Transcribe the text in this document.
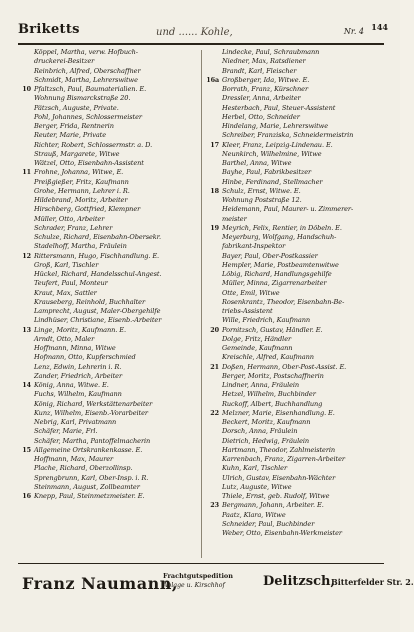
Briketts	und ...... Kohle,	Nr. 4 144
Köppel, Martha, verw. Hofbuch-
druckerei-Besitzer
Reinbrich, Alfred, Oberschaffner
Schmidt, Martha, Lehrerswitwe
10 Pfaltzsch, Paul, Baumaterialien. E.
Wohnung Bismarckstraße 20.
Pätzsch, Auguste, Private.
Pohl, Johannes, Schlossermeister
Berger, Frida, Rentnerin
Reuter, Marie, Private
Richter, Robert, Schlossermstr. a. D.
Strauß, Margarete, Witwe
Wätzel, Otto, Eisenbahn-Assistent
11 Frohne, Johanna, Witwe, E.
Preißgießer, Fritz, Kaufmann
Grohe, Hermann, Lehrer i. R.
Hildebrand, Moritz, Arbeiter
Hirschberg, Gottfried, Klempner
Müller, Otto, Arbeiter
Schrader, Franz, Lehrer
Schulze, Richard, Eisenbahn-Obersekr.
Stadelhoff, Martha, Fräulein
12 Rittersmann, Hugo, Fischhandlung. E.
Groß, Karl, Tischler
Hückel, Richard, Handelsschul-Angest.
Teufert, Paul, Monteur
Kraut, Max, Sattler
Krauseberg, Reinhold, Buchhalter
Lamprecht, August, Maler-Obergehilfe
Lindhüser, Christiane, Eisenb.-Arbeiter
13 Linge, Moritz, Kaufmann. E.
Arndt, Otto, Maler
Hoffmann, Minna, Witwe
Hofmann, Otto, Kupferschmied
Lenz, Edwin, Lehrerin i. R.
Zander, Friedrich, Arbeiter
14 König, Anna, Witwe. E.
Fuchs, Wilhelm, Kaufmann
König, Richard, Werkstättenarbeiter
Kunz, Wilhelm, Eisenb.-Vorarbeiter
Nebrig, Karl, Privatmann
Schäfer, Marie, Frl.
Schäfer, Martha, Pantoffelmacherin
15 Allgemeine Ortskrankenkasse. E.
Hoffmann, Max, Maurer
Plache, Richard, Oberzollinsp.
Sprengbrunn, Karl, Ober-Insp. i. R.
Steinmann, August, Zollbeamter
16 Knepp, Paul, Steinmetzmeister. E.
Lindecke, Paul, Schraubmann
Niedner, Max, Ratsdiener
Brandt, Karl, Fleischer
16a Großberger, Ida, Witwe. E.
Borrath, Franz, Kürschner
Dressler, Anna, Arbeiter
Hesterbach, Paul, Steuer-Assistent
Herbel, Otto, Schneider
Hindelang, Marie, Lehrerswitwe
Schreiber, Franziska, Schneidermeistrin
17 Kleer, Franz, Leipzig-Lindenau. E.
Neunkirch, Wilhelmine, Witwe
Barthel, Anna, Witwe
Bayhe, Paul, Fabrikbesitzer
Hinbe, Ferdinand, Stellmacher
18 Schulz, Ernst, Witwe. E.
Wohnung Poststraße 12.
Heidemann, Paul, Maurer- u. Zimmerer-
meister
19 Meyrich, Felix, Rentier, in Döbeln. E.
Meyerburg, Wolfgang, Handschuh-
fabrikant-Inspektor
Bayer, Paul, Ober-Postkassier
Hempler, Marie, Postbeamtenwitwe
Löbig, Richard, Handlungsgehilfe
Müller, Minna, Zigarrenarbeiter
Otte, Emil, Witwe
Rosenkrantz, Theodor, Eisenbahn-Be-
triebs-Assistent
Wille, Friedrich, Kaufmann
20 Pornitzsch, Gustav, Händler. E.
Dolge, Fritz, Händler
Gemeinde, Kaufmann
Kreischle, Alfred, Kaufmann
21 Doßen, Hermann, Ober-Post-Assist. E.
Berger, Moritz, Postschaffnerin
Lindner, Anna, Fräulein
Hetzel, Wilhelm, Buchbinder
Ruckoff, Albert, Buchhandlung
22 Melzner, Marie, Eisenhandlung. E.
Beckert, Moritz, Kaufmann
Dorsch, Anna, Fräulein
Dietrich, Hedwig, Fräulein
Hartmann, Theodor, Zahlmeisterin
Karrenbach, Franz, Zigarren-Arbeiter
Kuhn, Karl, Tischler
Ulrich, Gustav, Eisenbahn-Wächter
Lutz, Auguste, Witwe
Thiele, Ernst, geb. Rudolf, Witwe
23 Bergmann, Johann, Arbeiter. E.
Paatz, Klara, Witwe
Schneider, Paul, Buchbinder
Weber, Otto, Eisenbahn-Werkmeister
Franz Naumann,
Frachtgutspedition
Ablage u. Kirschhof	Delitzsch,
Bitterfelder Str. 2.
